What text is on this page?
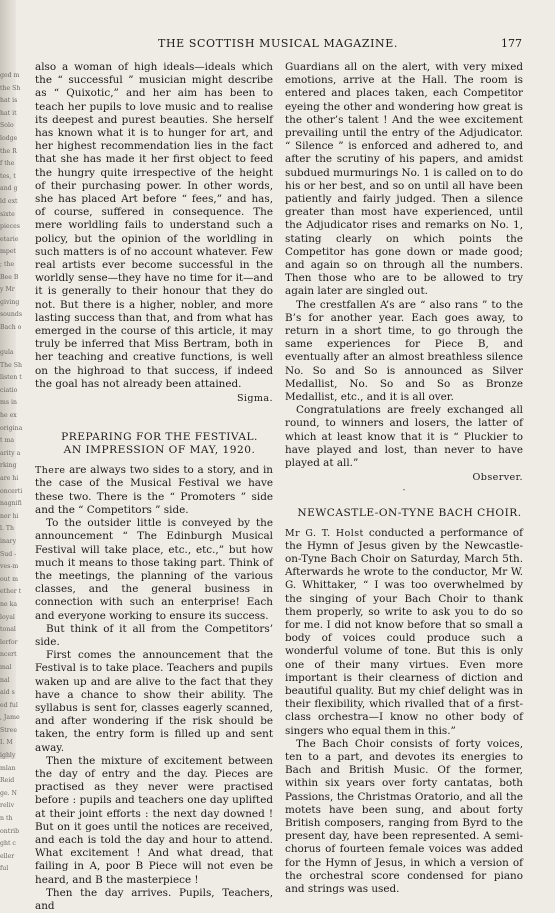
ged m
the Sh
hat is
hat it
Solo
lodge
the R
f the
tes, t
and g
ld ext
sixte
pieces
etarie
mpet
; the
Bee B
y Mr
giving
sounds
Bach o

gula
The Sh
listen t
ciatio
ms in
he ex
origina
t ma
arity a
rking
are hi
oncerti
nagnifi
ner hi
l. Th
inary
Sud -
ves-m
out m
ether t
ne ka
loyal
tonal
lerfor
ncert
mal
nal
aid s
ed ful
, Jame
Stree
I. M
ighly
mlan
Reid
ge. N
reliv
n th
ontrib
ght c
eller
ful

THE SCOTTISH MUSICAL MAGAZINE.	177

also a woman of high ideals—ideals which the “ successful ” musician might describe as “ Quixotic,” and her aim has been to teach her pupils to love music and to realise its deepest and purest beauties. She herself has known what it is to hunger for art, and her highest recommendation lies in the fact that she has made it her first object to feed the hungry quite irrespective of the height of their purchasing power. In other words, she has placed Art before “ fees,” and has, of course, suffered in consequence. The mere worldling fails to understand such a policy, but the opinion of the worldling in such matters is of no account whatever. Few real artists ever become successful in the worldly sense—they have no time for it—and it is generally to their honour that they do not. But there is a higher, nobler, and more lasting success than that, and from what has emerged in the course of this article, it may truly be inferred that Miss Bertram, both in her teaching and creative functions, is well on the highroad to that success, if indeed the goal has not already been attained.

Sigma.

PREPARING FOR THE FESTIVAL.

AN IMPRESSION OF MAY, 1920.

There are always two sides to a story, and in the case of the Musical Festival we have these two. There is the “ Promoters ” side and the “ Competitors ” side.

To the outsider little is conveyed by the announcement “ The Edinburgh Musical Festival will take place, etc., etc.,” but how much it means to those taking part. Think of the meetings, the planning of the various classes, and the general business in connection with such an enterprise! Each and everyone working to ensure its success.

But think of it all from the Competitors’ side.

First comes the announcement that the Festival is to take place. Teachers and pupils waken up and are alive to the fact that they have a chance to show their ability. The syllabus is sent for, classes eagerly scanned, and after wondering if the risk should be taken, the entry form is filled up and sent away.

Then the mixture of excitement between the day of entry and the day. Pieces are practised as they never were practised before : pupils and teachers one day uplifted at their joint efforts : the next day downed ! But on it goes until the notices are received, and each is told the day and hour to attend. What excitement ! And what dread, that failing in A, poor B Piece will not even be heard, and B the masterpiece !

Then the day arrives. Pupils, Teachers, and

Guardians all on the alert, with very mixed emotions, arrive at the Hall. The room is entered and places taken, each Competitor eyeing the other and wondering how great is the other’s talent ! And the wee excitement prevailing until the entry of the Adjudicator. “ Silence ” is enforced and adhered to, and after the scrutiny of his papers, and amidst subdued murmurings No. 1 is called on to do his or her best, and so on until all have been patiently and fairly judged. Then a silence greater than most have experienced, until the Adjudicator rises and remarks on No. 1, stating clearly on which points the Competitor has gone down or made good; and again so on through all the numbers. Then those who are to be allowed to try again later are singled out.

The crestfallen A’s are “ also rans ” to the B’s for another year. Each goes away, to return in a short time, to go through the same experiences for Piece B, and eventually after an almost breathless silence No. So and So is announced as Silver Medallist, No. So and So as Bronze Medallist, etc., and it is all over.

Congratulations are freely exchanged all round, to winners and losers, the latter of which at least know that it is “ Pluckier to have played and lost, than never to have played at all.”

Observer.
-

NEWCASTLE-ON-TYNE BACH CHOIR.

Mr G. T. Holst conducted a performance of the Hymn of Jesus given by the Newcastle-on-Tyne Bach Choir on Saturday, March 5th. Afterwards he wrote to the conductor, Mr W. G. Whittaker, “ I was too overwhelmed by the singing of your Bach Choir to thank them properly, so write to ask you to do so for me. I did not know before that so small a body of voices could produce such a wonderful volume of tone. But this is only one of their many virtues. Even more important is their clearness of diction and beautiful quality. But my chief delight was in their flexibility, which rivalled that of a first-class orchestra—I know no other body of singers who equal them in this.”

The Bach Choir consists of forty voices, ten to a part, and devotes its energies to Bach and British Music. Of the former, within six years over forty cantatas, both Passions, the Christmas Oratorio, and all the motets have been sung, and about forty British composers, ranging from Byrd to the present day, have been represented. A semi-chorus of fourteen female voices was added for the Hymn of Jesus, in which a version of the orchestral score condensed for piano and strings was used.
